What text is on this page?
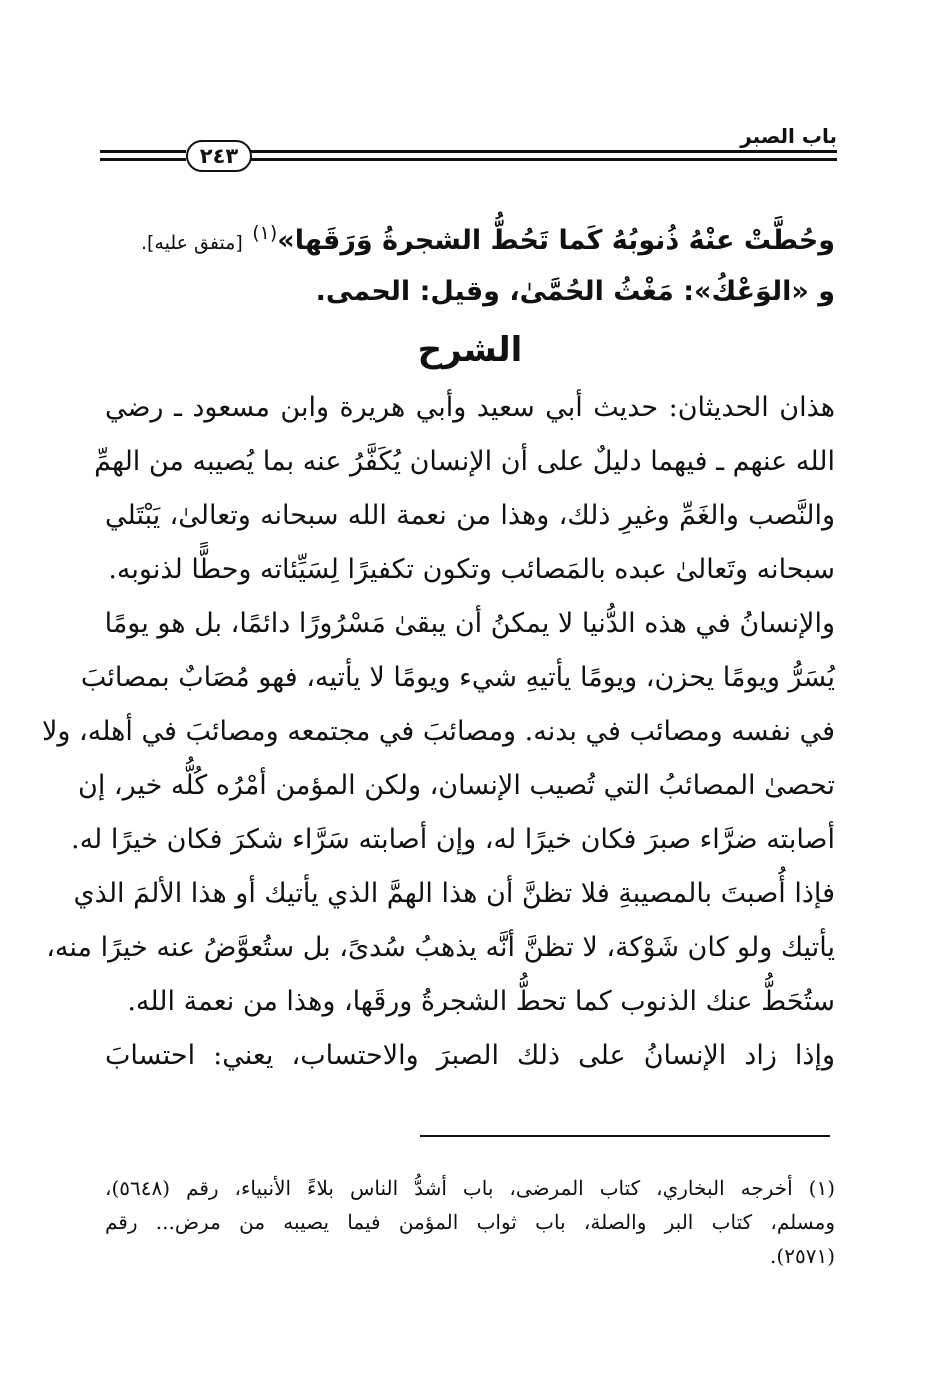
باب الصبر
٢٤٣
وحُطَّتْ عنْهُ ذُنوبُهُ كَما تَحُطُّ الشجرةُ وَرَقَها»$^{(١)}$ [متفق عليه].
و «الوَعْكُ»: مَغْثُ الحُمَّىٰ، وقيل: الحمى.
الشرح
هذان الحديثان: حديث أبي سعيد وأبي هريرة وابن مسعود ـ رضي
الله عنهم ـ فيهما دليلٌ على أن الإنسان يُكَفَّرُ عنه بما يُصيبه من الهمِّ
والنَّصب والغَمِّ وغيرِ ذلك، وهذا من نعمة الله سبحانه وتعالىٰ، يَبْتَلي
سبحانه وتَعالىٰ عبده بالمَصائب وتكون تكفيرًا لِسَيِّئاته وحطًّا لذنوبه.
والإنسانُ في هذه الدُّنيا لا يمكنُ أن يبقىٰ مَسْرُورًا دائمًا، بل هو يومًا
يُسَرُّ ويومًا يحزن، ويومًا يأتيهِ شيء ويومًا لا يأتيه، فهو مُصَابٌ بمصائبَ
في نفسه ومصائب في بدنه. ومصائبَ في مجتمعه ومصائبَ في أهله، ولا
تحصىٰ المصائبُ التي تُصيب الإنسان، ولكن المؤمن أمْرُه كُلُّه خير، إن
أصابته ضرَّاء صبرَ فكان خيرًا له، وإن أصابته سَرَّاء شكرَ فكان خيرًا له.
فإذا أُصبتَ بالمصيبةِ فلا تظنَّ أن هذا الهمَّ الذي يأتيك أو هذا الألمَ الذي
يأتيك ولو كان شَوْكة، لا تظنَّ أنَّه يذهبُ سُدىً، بل ستُعوَّضُ عنه خيرًا منه،
ستُحَطُّ عنك الذنوب كما تحطُّ الشجرةُ ورقَها، وهذا من نعمة الله.
وإذا زاد الإنسانُ على ذلك الصبرَ والاحتساب، يعني: احتسابَ
(١) أخرجه البخاري، كتاب المرضى، باب أشدُّ الناس بلاءً الأنبياء، رقم (٥٦٤٨)،
ومسلم، كتاب البر والصلة، باب ثواب المؤمن فيما يصيبه من مرض... رقم
(٢٥٧١).
